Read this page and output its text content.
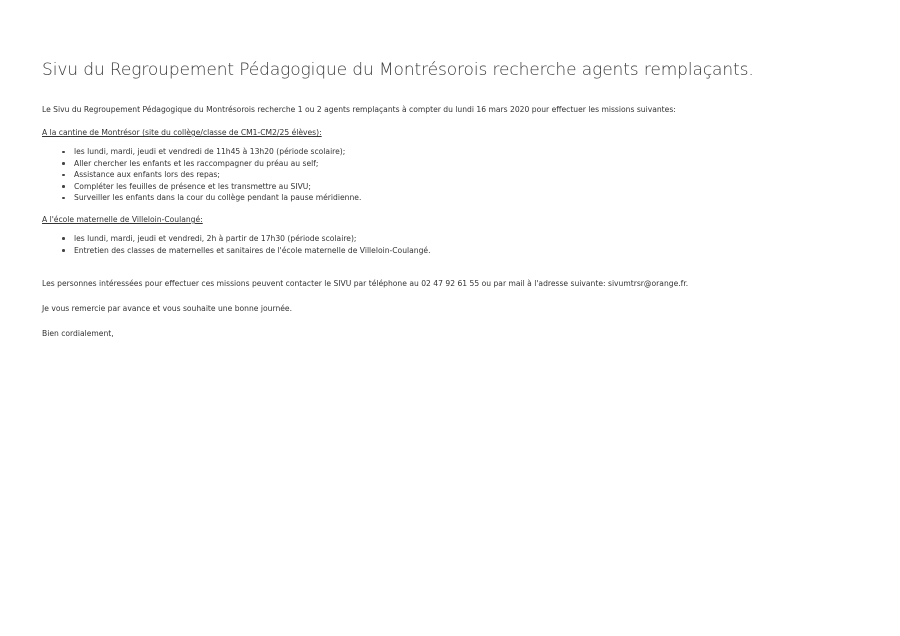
Sivu du Regroupement Pédagogique du Montrésorois recherche agents remplaçants.

Le Sivu du Regroupement Pédagogique du Montrésorois recherche 1 ou 2 agents remplaçants à compter du lundi 16 mars 2020 pour effectuer les missions suivantes:

A la cantine de Montrésor (site du collège/classe de CM1-CM2/25 élèves):

les lundi, mardi, jeudi et vendredi de 11h45 à 13h20 (période scolaire);
Aller chercher les enfants et les raccompagner du préau au self;
Assistance aux enfants lors des repas;
Compléter les feuilles de présence et les transmettre au SIVU;
Surveiller les enfants dans la cour du collège pendant la pause méridienne.

A l'école maternelle de Villeloin-Coulangé:

les lundi, mardi, jeudi et vendredi, 2h à partir de 17h30 (période scolaire);
Entretien des classes de maternelles et sanitaires de l'école maternelle de Villeloin-Coulangé.

Les personnes intéressées pour effectuer ces missions peuvent contacter le SIVU par téléphone au 02 47 92 61 55 ou par mail à l'adresse suivante: sivumtrsr@orange.fr.

Je vous remercie par avance et vous souhaite une bonne journée.

Bien cordialement,
